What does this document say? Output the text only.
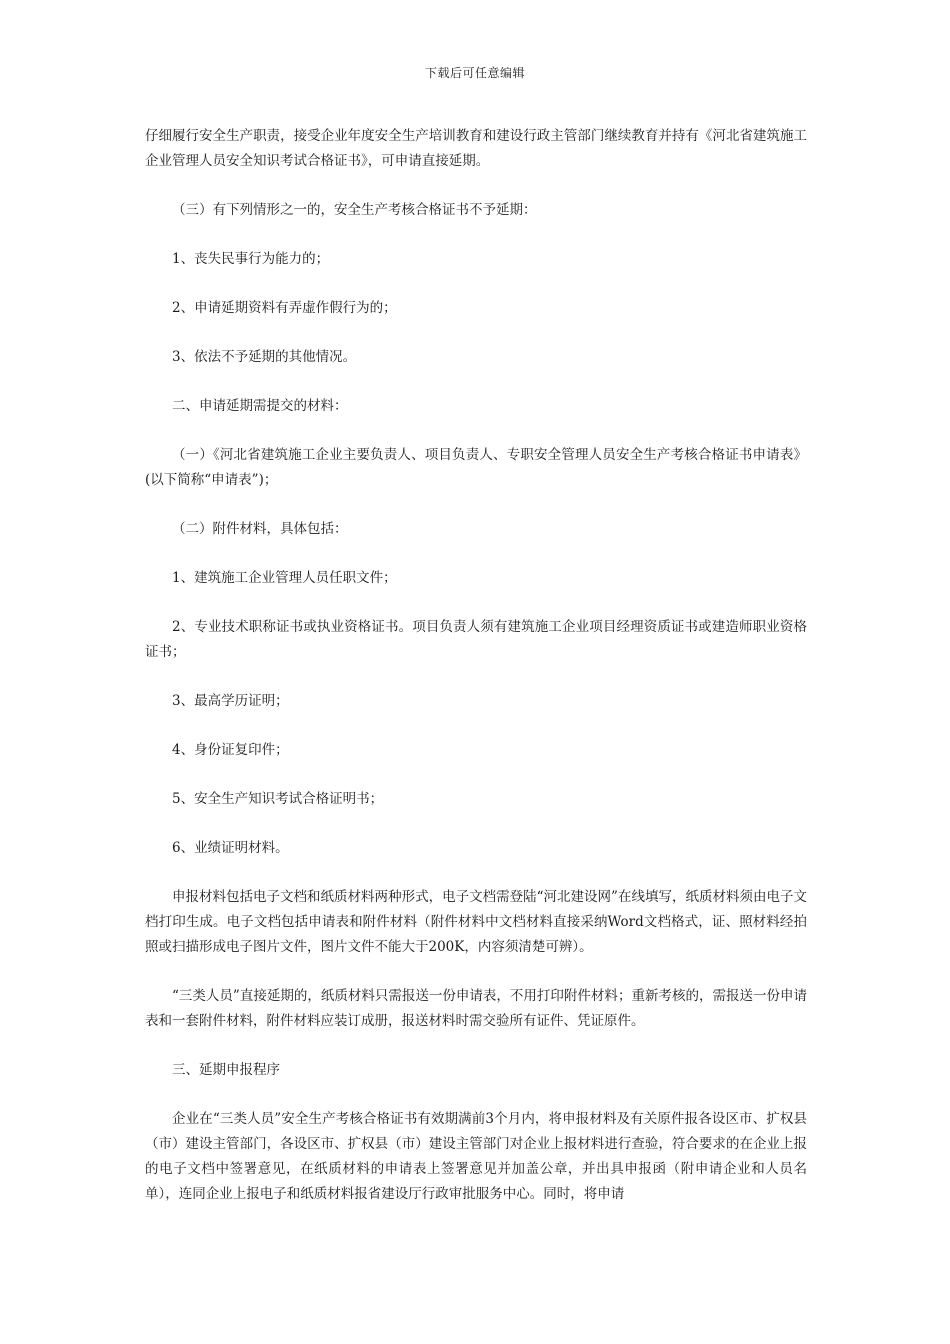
下载后可任意编辑

仔细履行安全生产职责，接受企业年度安全生产培训教育和建设行政主管部门继续教育并持有《河北省建筑施工企业管理人员安全知识考试合格证书》，可申请直接延期。

（三）有下列情形之一的，安全生产考核合格证书不予延期：

1、丧失民事行为能力的；

2、申请延期资料有弄虚作假行为的；

3、依法不予延期的其他情况。

二、申请延期需提交的材料：

（一）《河北省建筑施工企业主要负责人、项目负责人、专职安全管理人员安全生产考核合格证书申请表》(以下简称“申请表”)；

（二）附件材料，具体包括：

1、建筑施工企业管理人员任职文件；

2、专业技术职称证书或执业资格证书。项目负责人须有建筑施工企业项目经理资质证书或建造师职业资格证书；

3、最高学历证明；

4、身份证复印件；

5、安全生产知识考试合格证明书；

6、业绩证明材料。

申报材料包括电子文档和纸质材料两种形式，电子文档需登陆“河北建设网”在线填写，纸质材料须由电子文档打印生成。电子文档包括申请表和附件材料（附件材料中文档材料直接采纳Word文档格式，证、照材料经拍照或扫描形成电子图片文件，图片文件不能大于200K，内容须清楚可辨）。

“三类人员”直接延期的，纸质材料只需报送一份申请表，不用打印附件材料；重新考核的，需报送一份申请表和一套附件材料，附件材料应装订成册，报送材料时需交验所有证件、凭证原件。

三、延期申报程序

企业在“三类人员”安全生产考核合格证书有效期满前3个月内，将申报材料及有关原件报各设区市、扩权县（市）建设主管部门，各设区市、扩权县（市）建设主管部门对企业上报材料进行查验，符合要求的在企业上报的电子文档中签署意见，在纸质材料的申请表上签署意见并加盖公章，并出具申报函（附申请企业和人员名单），连同企业上报电子和纸质材料报省建设厅行政审批服务中心。同时，将申请
